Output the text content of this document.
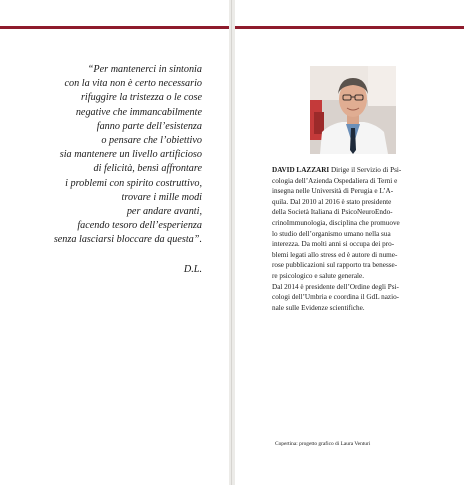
“Per mantenerci in sintonia
con la vita non è certo necessario
rifuggire la tristezza o le cose
negative che immancabilmente
fanno parte dell’esistenza
o pensare che l’obiettivo
sia mantenere un livello artificioso
di felicità, bensì affrontare
i problemi con spirito costruttivo,
trovare i mille modi
per andare avanti,
facendo tesoro dell’esperienza
senza lasciarsi bloccare da questa”.
D.L.
DAVID LAZZARI Dirige il Servizio di Psi-
cologia dell’Azienda Ospedaliera di Terni e
insegna nelle Università di Perugia e L’A-
quila. Dal 2010 al 2016 è stato presidente
della Società Italiana di PsicoNeuroEndo-
crinoImmunologia, disciplina che promuove
lo studio dell’organismo umano nella sua
interezza. Da molti anni si occupa dei pro-
blemi legati allo stress ed è autore di nume-
rose pubblicazioni sul rapporto tra benesse-
re psicologico e salute generale.
Dal 2014 è presidente dell’Ordine degli Psi-
cologi dell’Umbria e coordina il GdL nazio-
nale sulle Evidenze scientifiche.
Copertina: progetto grafico di Laura Venturi
